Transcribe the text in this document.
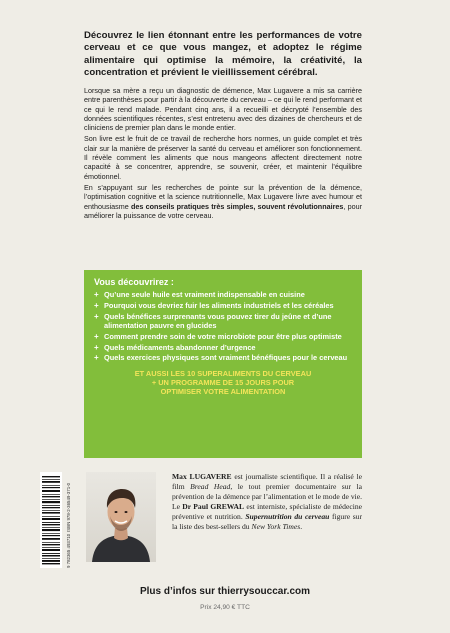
Découvrez le lien étonnant entre les performances de votre cerveau et ce que vous mangez, et adoptez le régime alimentaire qui optimise la mémoire, la créativité, la concentration et prévient le vieillissement cérébral.

Lorsque sa mère a reçu un diagnostic de démence, Max Lugavere a mis sa carrière entre parenthèses pour partir à la découverte du cerveau – ce qui le rend performant et ce qui le rend malade. Pendant cinq ans, il a recueilli et décrypté l’ensemble des données scientifiques récentes, s’est entretenu avec des dizaines de chercheurs et de cliniciens de premier plan dans le monde entier.

Son livre est le fruit de ce travail de recherche hors normes, un guide complet et très clair sur la manière de préserver la santé du cerveau et améliorer son fonctionnement. Il révèle comment les aliments que nous mangeons affectent directement notre capacité à se concentrer, apprendre, se souvenir, créer, et maintenir l’équilibre émotionnel.

En s’appuyant sur les recherches de pointe sur la prévention de la démence, l’optimisation cognitive et la science nutritionnelle, Max Lugavere livre avec humour et enthousiasme des conseils pratiques très simples, souvent révolutionnaires, pour améliorer la puissance de votre cerveau.

Vous découvrirez :
+ Qu’une seule huile est vraiment indispensable en cuisine
+ Pourquoi vous devriez fuir les aliments industriels et les céréales
+ Quels bénéfices surprenants vous pouvez tirer du jeûne et d’une alimentation pauvre en glucides
+ Comment prendre soin de votre microbiote pour être plus optimiste
+ Quels médicaments abandonner d’urgence
+ Quels exercices physiques sont vraiment bénéfiques pour le cerveau
ET AUSSI LES 10 SUPERALIMENTS DU CERVEAU
+ UN PROGRAMME DE 15 JOURS POUR
OPTIMISER VOTRE ALIMENTATION
9 782365 493710
ISBN 978-2-36549-371-0

Max LUGAVERE est journaliste scientifique. Il a réalisé le film Bread Head, le tout premier documentaire sur la prévention de la démence par l’alimentation et le mode de vie. Le Dr Paul GREWAL est interniste, spécialiste de médecine préventive et nutrition. Supernutrition du cerveau figure sur la liste des best-sellers du New York Times.

Plus d’infos sur thierrysouccar.com
Prix 24,90 € TTC
